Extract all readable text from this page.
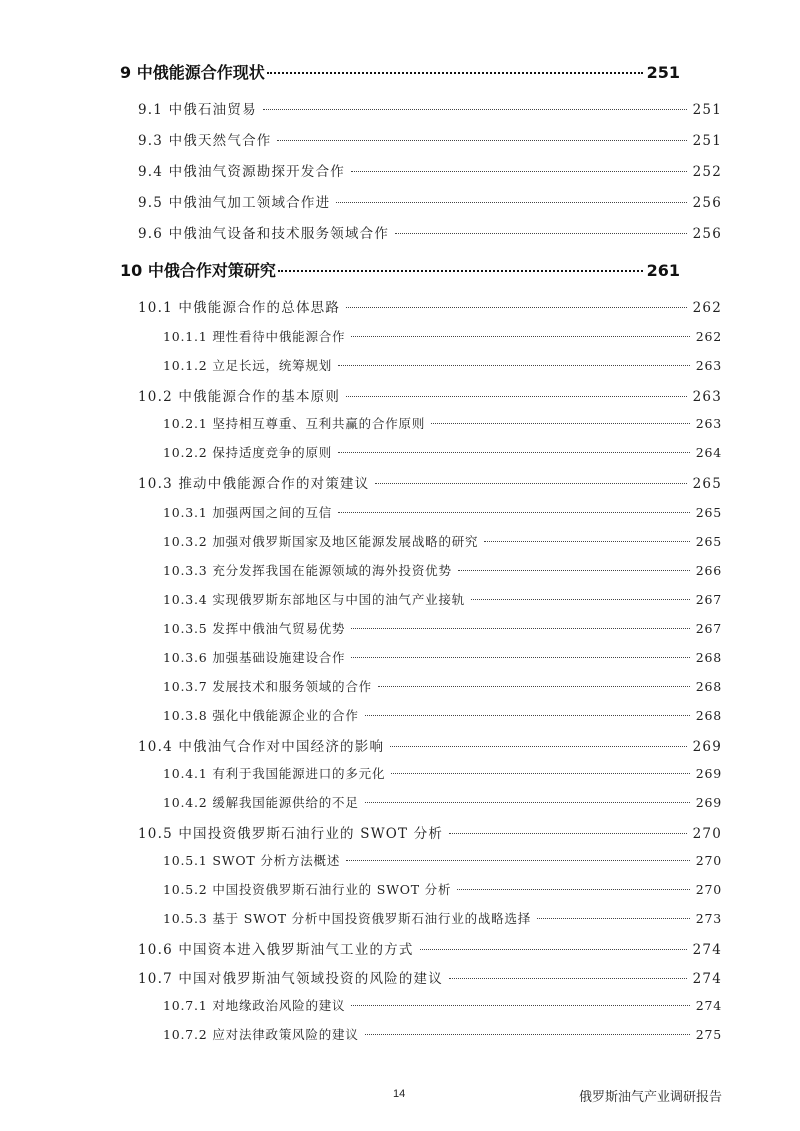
9 中俄能源合作现状	251
9.1 中俄石油贸易	251
9.3 中俄天然气合作	251
9.4 中俄油气资源勘探开发合作	252
9.5 中俄油气加工领域合作进	256
9.6 中俄油气设备和技术服务领域合作	256
10 中俄合作对策研究	261
10.1 中俄能源合作的总体思路	262
10.1.1 理性看待中俄能源合作	262
10.1.2 立足长远，统筹规划	263
10.2 中俄能源合作的基本原则	263
10.2.1 坚持相互尊重、互利共赢的合作原则	263
10.2.2 保持适度竞争的原则	264
10.3 推动中俄能源合作的对策建议	265
10.3.1 加强两国之间的互信	265
10.3.2 加强对俄罗斯国家及地区能源发展战略的研究	265
10.3.3 充分发挥我国在能源领域的海外投资优势	266
10.3.4 实现俄罗斯东部地区与中国的油气产业接轨	267
10.3.5 发挥中俄油气贸易优势	267
10.3.6 加强基础设施建设合作	268
10.3.7 发展技术和服务领域的合作	268
10.3.8 强化中俄能源企业的合作	268
10.4 中俄油气合作对中国经济的影响	269
10.4.1 有利于我国能源进口的多元化	269
10.4.2 缓解我国能源供给的不足	269
10.5 中国投资俄罗斯石油行业的 SWOT 分析	270
10.5.1 SWOT 分析方法概述	270
10.5.2 中国投资俄罗斯石油行业的 SWOT 分析	270
10.5.3 基于 SWOT 分析中国投资俄罗斯石油行业的战略选择	273
10.6 中国资本进入俄罗斯油气工业的方式	274
10.7 中国对俄罗斯油气领域投资的风险的建议	274
10.7.1 对地缘政治风险的建议	274
10.7.2 应对法律政策风险的建议	275
14	俄罗斯油气产业调研报告
